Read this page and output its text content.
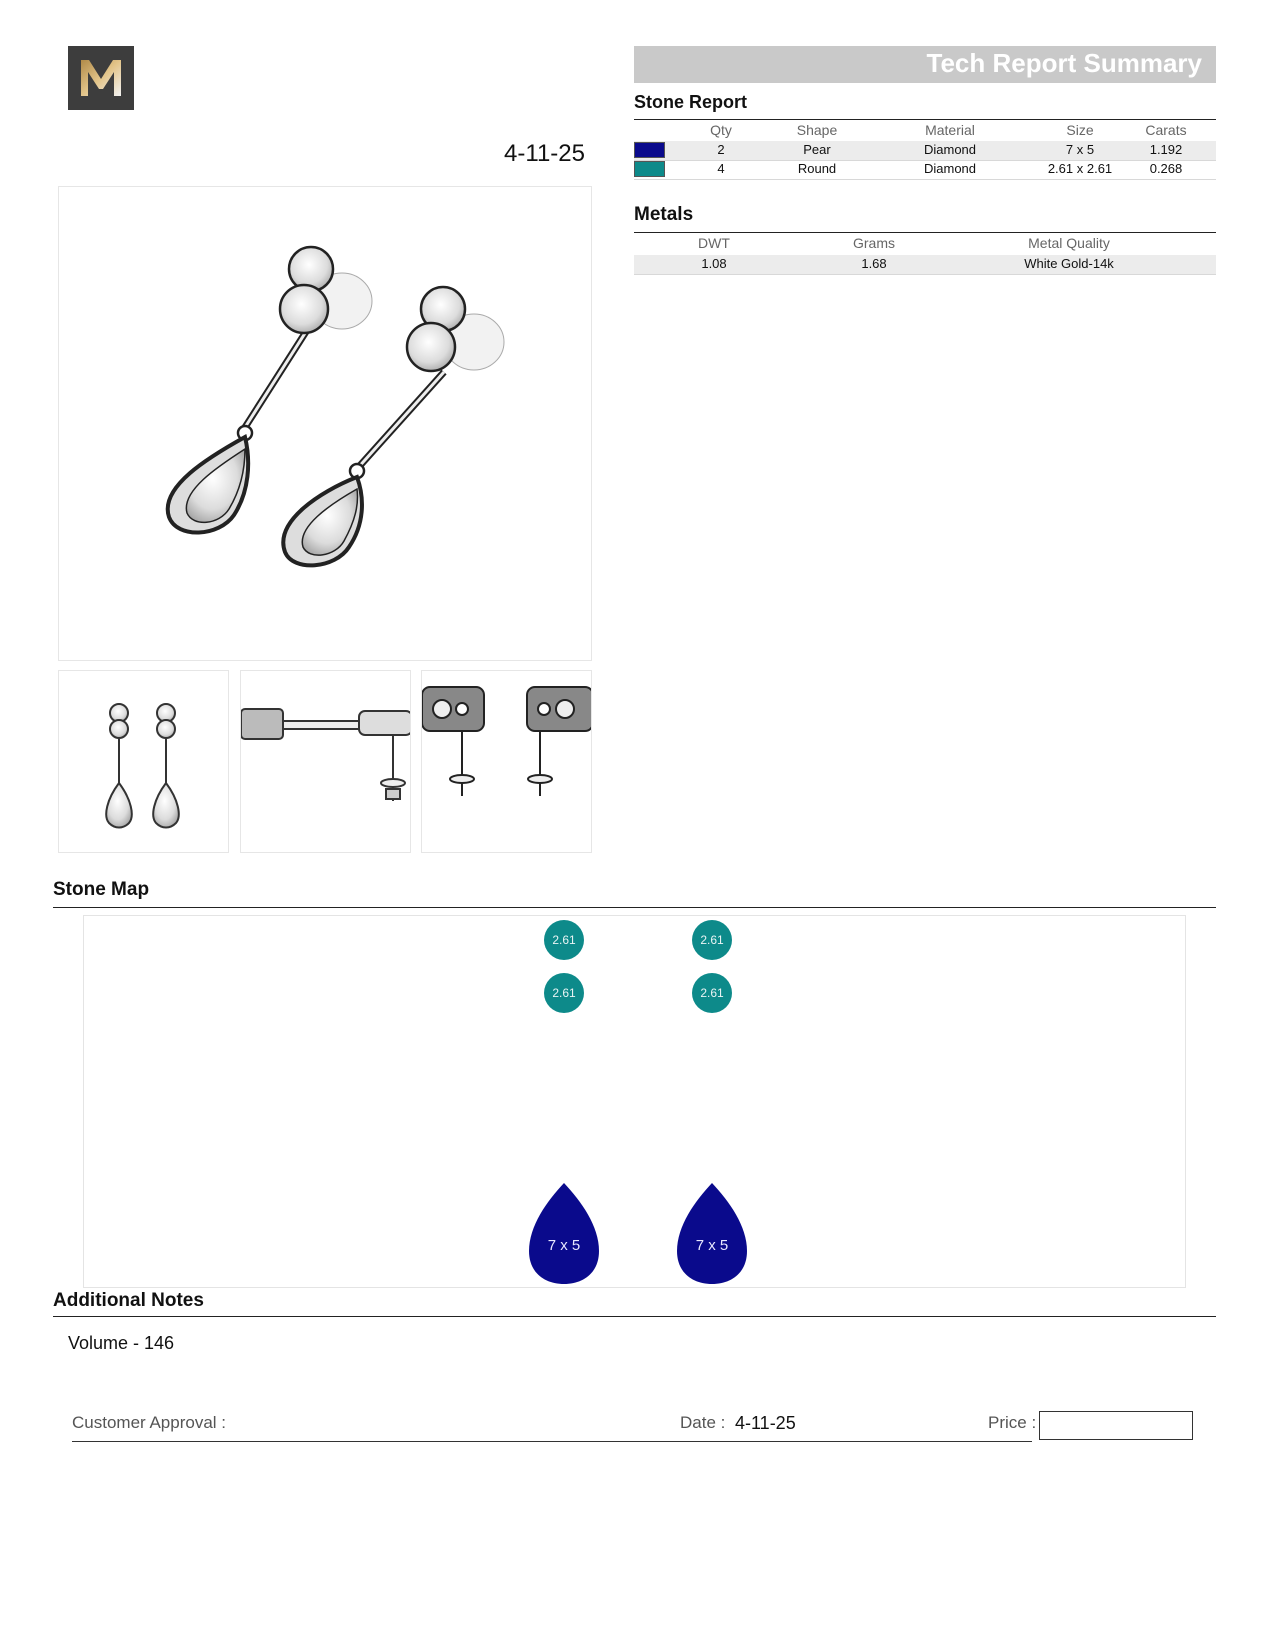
4-11-25
Tech Report Summary
Stone Report
Qty	Shape	Material	Size	Carats
2	Pear	Diamond	7 x 5	1.192
4	Round	Diamond	2.61 x 2.61	0.268
Metals
DWT	Grams	Metal Quality
1.08	1.68	White Gold-14k
Stone Map
2.61	2.61
2.61	2.61
7 x 5	7 x 5
Additional Notes
Volume - 146
Customer Approval :	Date : 4-11-25	Price :
